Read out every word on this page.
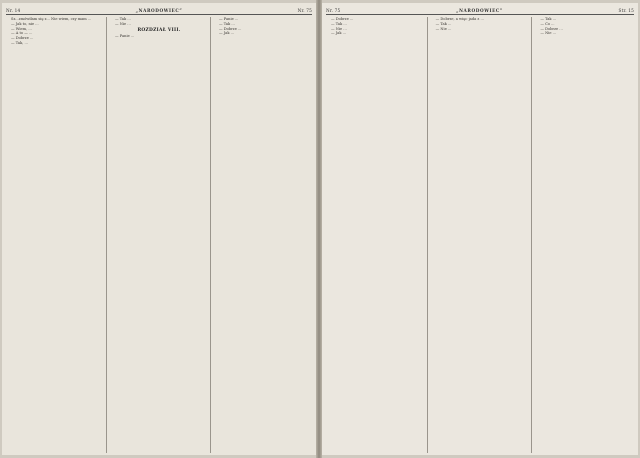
Nr. 14	„NARODOWIEC”	Nr. 75

Sz...zmówiłam się z... Nie wiem, czy mam ...

— Jak to, nie ...

— Wiem, ...

— A to — ...

— Dobrze ...

— Tak, ...

— Tak ...

— Nie ...

ROZDZIAŁ VIII.

— Panie ...

— Panie ...

— Tak ...

— Dobrze ...

— Jak ...

Nr. 75	„NARODOWIEC”	Str. 15

— Dobrze ...

— Tak ...

— Nie ...

— Jak ...

— Dobrze, a więc jada z ...

— Tak ...

— Nie ...

— Tak ...

— Co ...

— Dobrze ...

— Nie ...
